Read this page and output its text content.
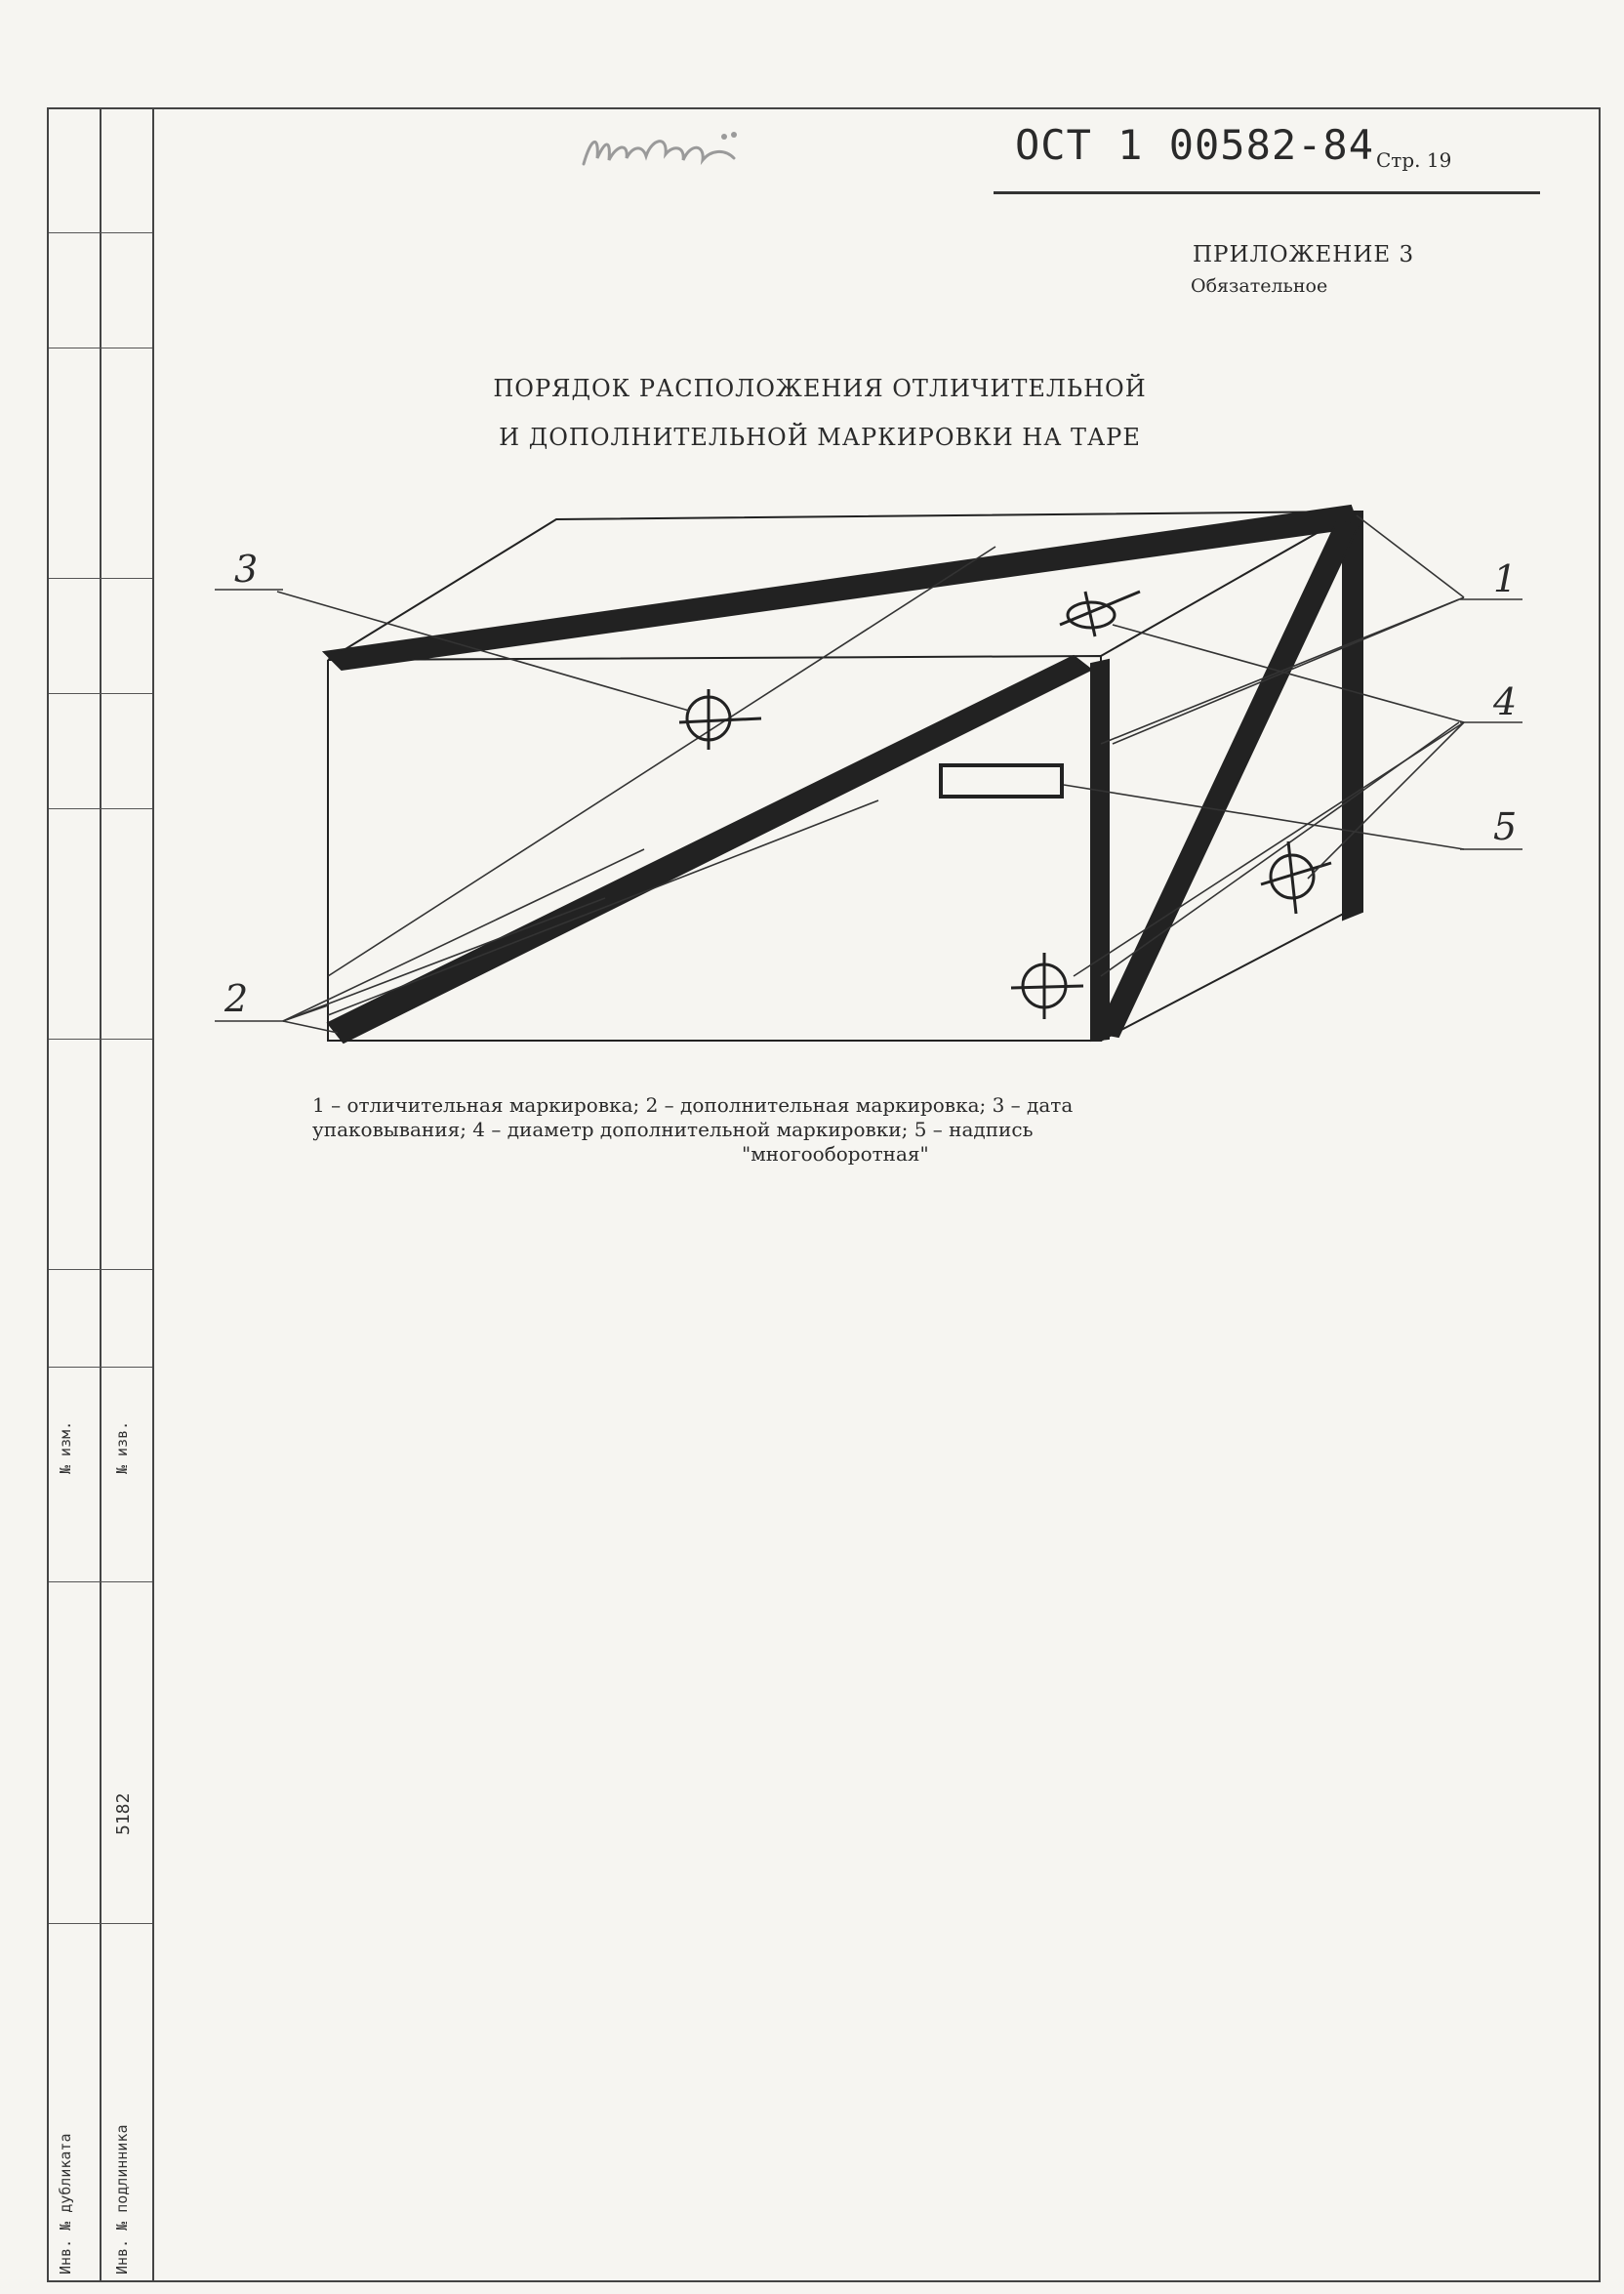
№ изм.	№ изв.
5182
Инв. № дубликата	Инв. № подлинника
ОСТ 1 00582-84 Стр. 19
ПРИЛОЖЕНИЕ 3
Обязательное
ПОРЯДОК РАСПОЛОЖЕНИЯ ОТЛИЧИТЕЛЬНОЙ
И ДОПОЛНИТЕЛЬНОЙ МАРКИРОВКИ НА ТАРЕ
3	1
4
5
2
1 – отличительная маркировка; 2 – дополнительная маркировка; 3 – дата
упаковывания; 4 – диаметр дополнительной маркировки; 5 – надпись
"многооборотная"
